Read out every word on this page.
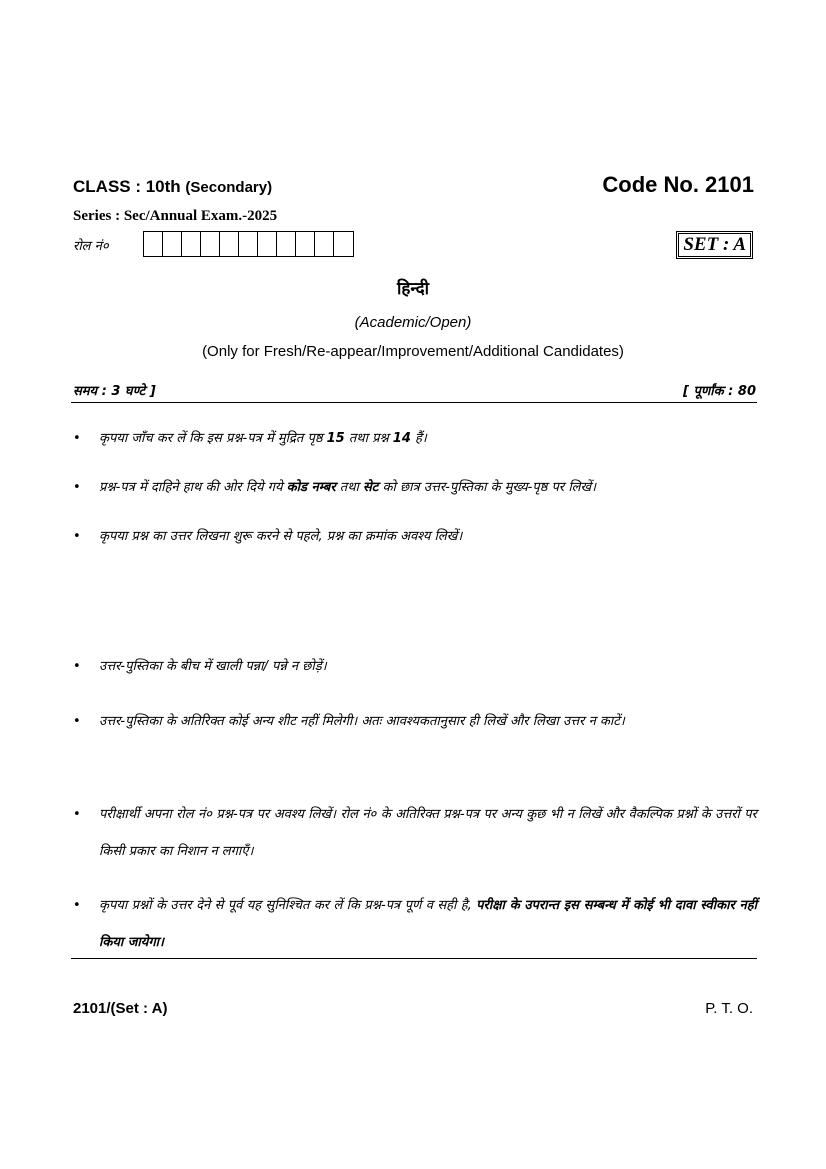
CLASS : 10th (Secondary)	Code No. 2101
Series : Sec/Annual Exam.-2025
रोल नं०	SET : A
हिन्दी
(Academic/Open)
(Only for Fresh/Re-appear/Improvement/Additional Candidates)
समय : 3 घण्टे ]	[ पूर्णांक : 80
• कृपया जाँच कर लें कि इस प्रश्न-पत्र में मुद्रित पृष्ठ 15 तथा प्रश्न 14 हैं।
• प्रश्न-पत्र में दाहिने हाथ की ओर दिये गये कोड नम्बर तथा सेट को छात्र उत्तर-पुस्तिका के मुख्य-पृष्ठ पर लिखें।
• कृपया प्रश्न का उत्तर लिखना शुरू करने से पहले, प्रश्न का क्रमांक अवश्य लिखें।
• उत्तर-पुस्तिका के बीच में खाली पन्ना/ पन्ने न छोड़ें।
• उत्तर-पुस्तिका के अतिरिक्त कोई अन्य शीट नहीं मिलेगी। अतः आवश्यकतानुसार ही लिखें और लिखा उत्तर न काटें।
• परीक्षार्थी अपना रोल नं० प्रश्न-पत्र पर अवश्य लिखें। रोल नं० के अतिरिक्त प्रश्न-पत्र पर अन्य कुछ भी न लिखें और वैकल्पिक प्रश्नों के उत्तरों पर किसी प्रकार का निशान न लगाएँ।
• कृपया प्रश्नों के उत्तर देने से पूर्व यह सुनिश्चित कर लें कि प्रश्न-पत्र पूर्ण व सही है, परीक्षा के उपरान्त इस सम्बन्ध में कोई भी दावा स्वीकार नहीं किया जायेगा।
2101/(Set : A)	P. T. O.
